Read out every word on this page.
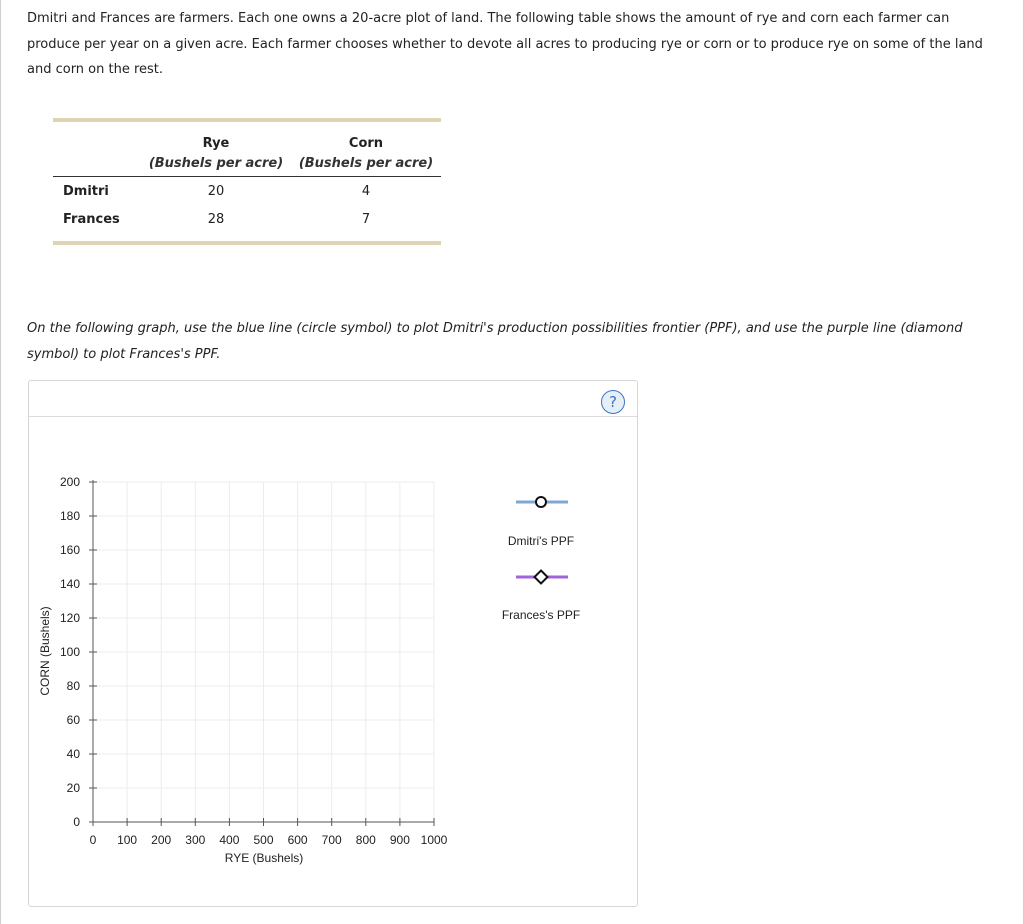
Dmitri and Frances are farmers. Each one owns a 20-acre plot of land. The following table shows the amount of rye and corn each farmer can produce per year on a given acre. Each farmer chooses whether to devote all acres to producing rye or corn or to produce rye on some of the land and corn on the rest.
	Rye	Corn
	(Bushels per acre)	(Bushels per acre)
Dmitri	20	4
Frances	28	7
On the following graph, use the blue line (circle symbol) to plot Dmitri's production possibilities frontier (PPF), and use the purple line (diamond symbol) to plot Frances's PPF.
?
0
20
40
60
80
100
120
140
160
180
200
0 100 200 300 400 500 600 700 800 900 1000
CORN (Bushels)
RYE (Bushels)
Dmitri's PPF
Frances's PPF
